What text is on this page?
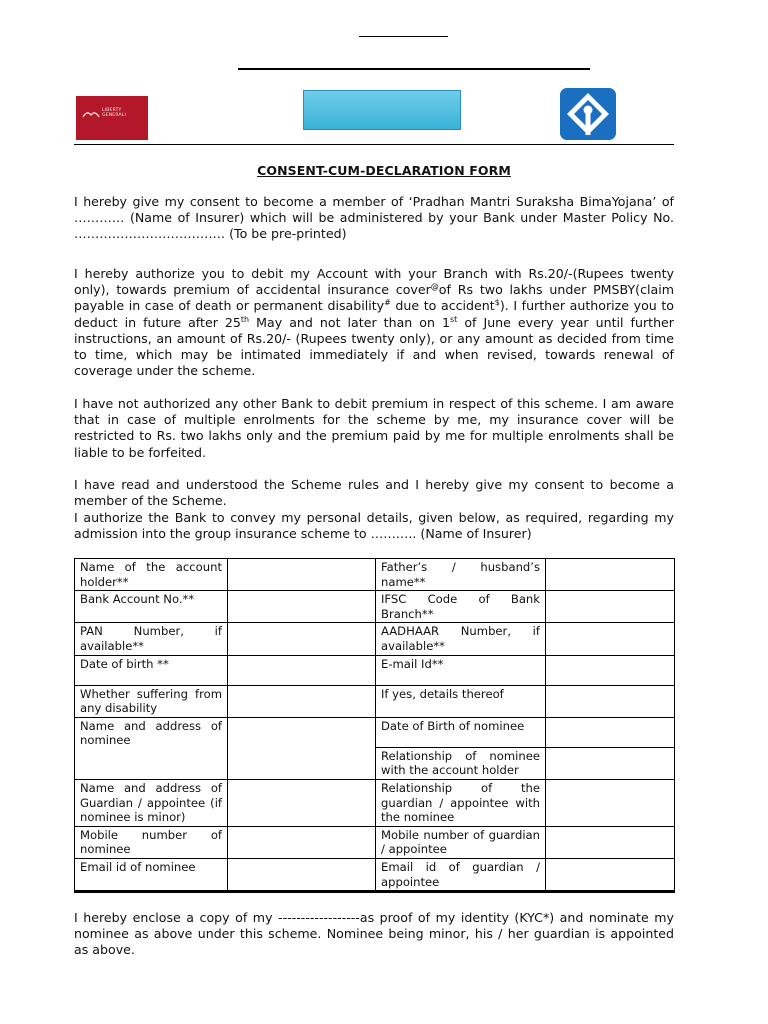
LIBERTY
GENERALI
CONSENT-CUM-DECLARATION FORM

I hereby give my consent to become a member of ‘Pradhan Mantri Suraksha BimaYojana’ of ………… (Name of Insurer) which will be administered by your Bank under Master Policy No. ……………………………… (To be pre-printed)

I hereby authorize you to debit my Account with your Branch with Rs.20/-(Rupees twenty only), towards premium of accidental insurance cover@of Rs two lakhs under PMSBY(claim payable in case of death or permanent disability# due to accident$). I further authorize you to deduct in future after 25th May and not later than on 1st of June every year until further instructions, an amount of Rs.20/- (Rupees twenty only), or any amount as decided from time to time, which may be intimated immediately if and when revised, towards renewal of coverage under the scheme.

I have not authorized any other Bank to debit premium in respect of this scheme. I am aware that in case of multiple enrolments for the scheme by me, my insurance cover will be restricted to Rs. two lakhs only and the premium paid by me for multiple enrolments shall be liable to be forfeited.

I have read and understood the Scheme rules and I hereby give my consent to become a member of the Scheme.

I authorize the Bank to convey my personal details, given below, as required, regarding my admission into the group insurance scheme to ……….. (Name of Insurer)

Name of the account holder**		Father’s / husband’s name**	
Bank Account No.**		IFSC Code of Bank Branch**	
PAN Number, if available**		AADHAAR Number, if available**	
Date of birth **		E-mail Id**	
Whether suffering from any disability		If yes, details thereof	
Name and address of nominee		Date of Birth of nominee	
		Relationship of nominee with the account holder	
Name and address of Guardian / appointee (if nominee is minor)		Relationship of the guardian / appointee with the nominee	
Mobile number of nominee		Mobile number of guardian / appointee	
Email id of nominee		Email id of guardian / appointee	

I hereby enclose a copy of my ------------------as proof of my identity (KYC*) and nominate my nominee as above under this scheme. Nominee being minor, his / her guardian is appointed as above.
